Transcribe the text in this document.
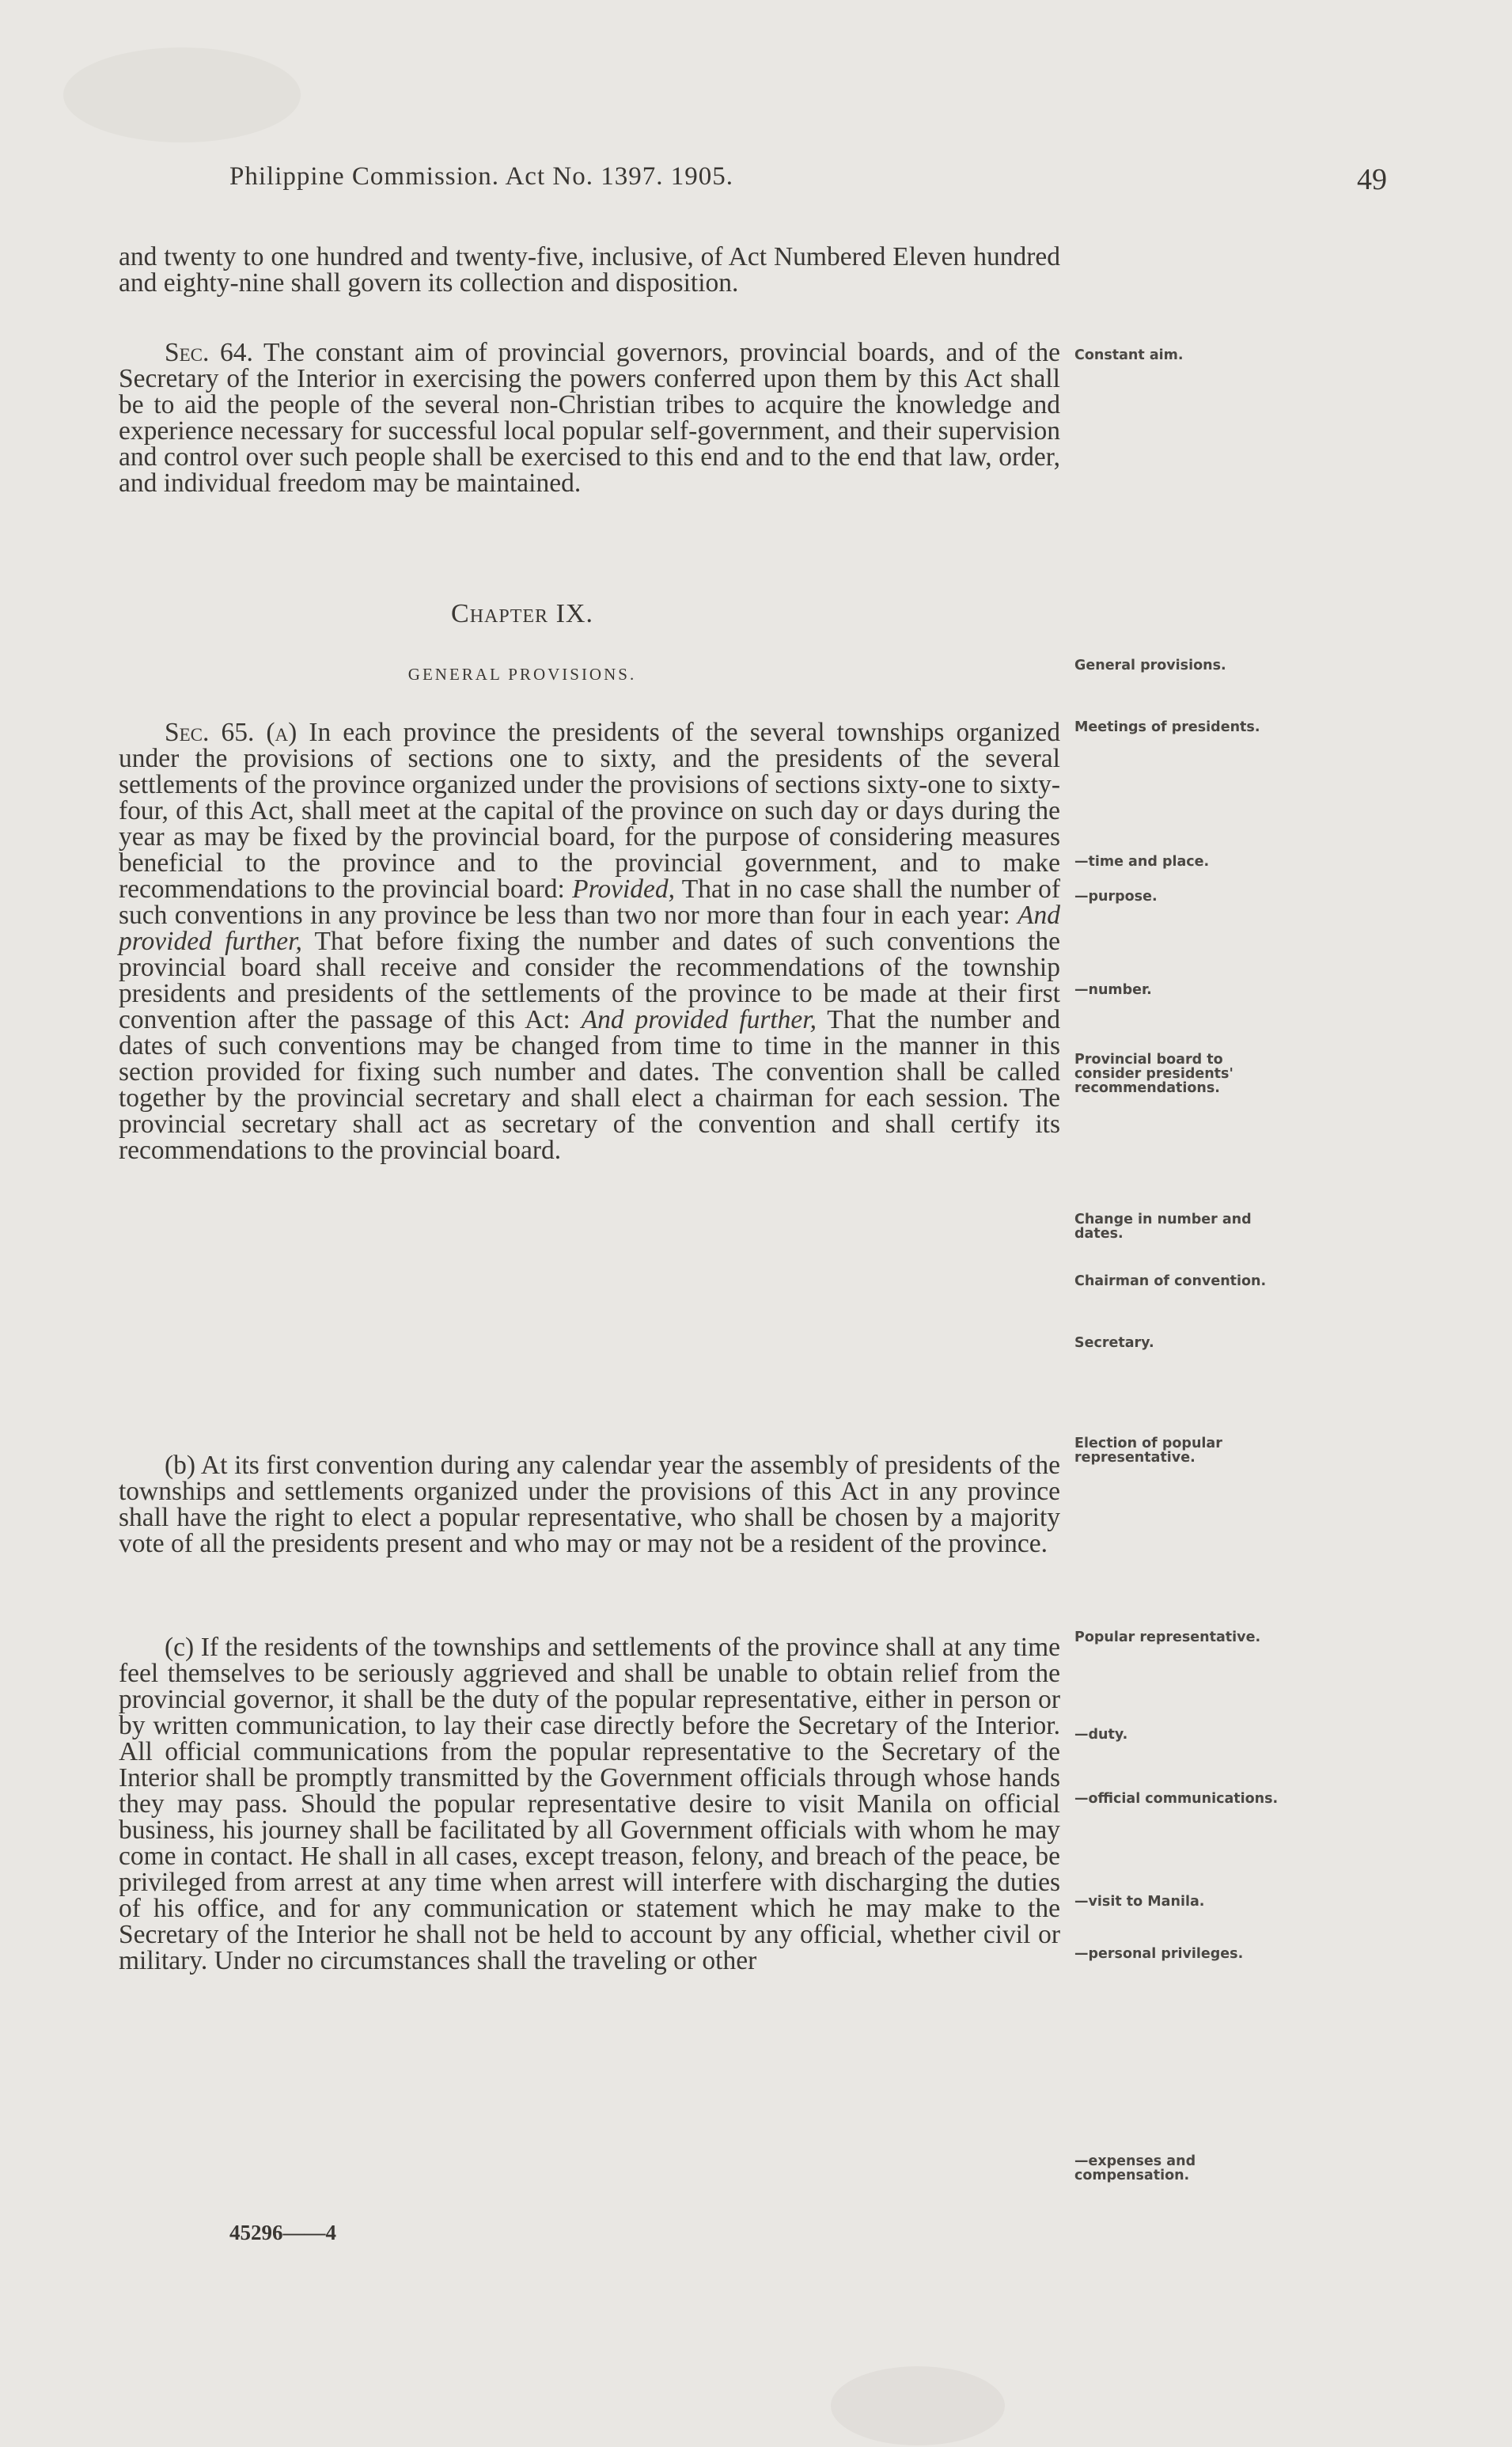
Philippine Commission. Act No. 1397. 1905.	49

and twenty to one hundred and twenty-five, inclusive, of Act Numbered Eleven hundred and eighty-nine shall govern its collection and disposition.

Sec. 64. The constant aim of provincial governors, provincial boards, and of the Secretary of the Interior in exercising the powers conferred upon them by this Act shall be to aid the people of the several non-Christian tribes to acquire the knowledge and experience necessary for successful local popular self-government, and their supervision and control over such people shall be exercised to this end and to the end that law, order, and individual freedom may be maintained.

Chapter IX.
GENERAL PROVISIONS.

Sec. 65. (a) In each province the presidents of the several townships organized under the provisions of sections one to sixty, and the presidents of the several settlements of the province organized under the provisions of sections sixty-one to sixty-four, of this Act, shall meet at the capital of the province on such day or days during the year as may be fixed by the provincial board, for the purpose of considering measures beneficial to the province and to the provincial government, and to make recommendations to the provincial board: Provided, That in no case shall the number of such conventions in any province be less than two nor more than four in each year: And provided further, That before fixing the number and dates of such conventions the provincial board shall receive and consider the recommendations of the township presidents and presidents of the settlements of the province to be made at their first convention after the passage of this Act: And provided further, That the number and dates of such conventions may be changed from time to time in the manner in this section provided for fixing such number and dates. The convention shall be called together by the provincial secretary and shall elect a chairman for each session. The provincial secretary shall act as secretary of the convention and shall certify its recommendations to the provincial board.

(b) At its first convention during any calendar year the assembly of presidents of the townships and settlements organized under the provisions of this Act in any province shall have the right to elect a popular representative, who shall be chosen by a majority vote of all the presidents present and who may or may not be a resident of the province.

(c) If the residents of the townships and settlements of the province shall at any time feel themselves to be seriously aggrieved and shall be unable to obtain relief from the provincial governor, it shall be the duty of the popular representative, either in person or by written communication, to lay their case directly before the Secretary of the Interior. All official communications from the popular representative to the Secretary of the Interior shall be promptly transmitted by the Government officials through whose hands they may pass. Should the popular representative desire to visit Manila on official business, his journey shall be facilitated by all Government officials with whom he may come in contact. He shall in all cases, except treason, felony, and breach of the peace, be privileged from arrest at any time when arrest will interfere with discharging the duties of his office, and for any communication or statement which he may make to the Secretary of the Interior he shall not be held to account by any official, whether civil or military. Under no circumstances shall the traveling or other

Constant aim.
General provisions.
Meetings of presidents.
—time and place.
—purpose.
—number.
Provincial board to consider presidents' recommendations.
Change in number and dates.
Chairman of convention.
Secretary.
Election of popular representative.
Popular representative.
—duty.
—official communications.
—visit to Manila.
—personal privileges.
—expenses and compensation.
45296——4
